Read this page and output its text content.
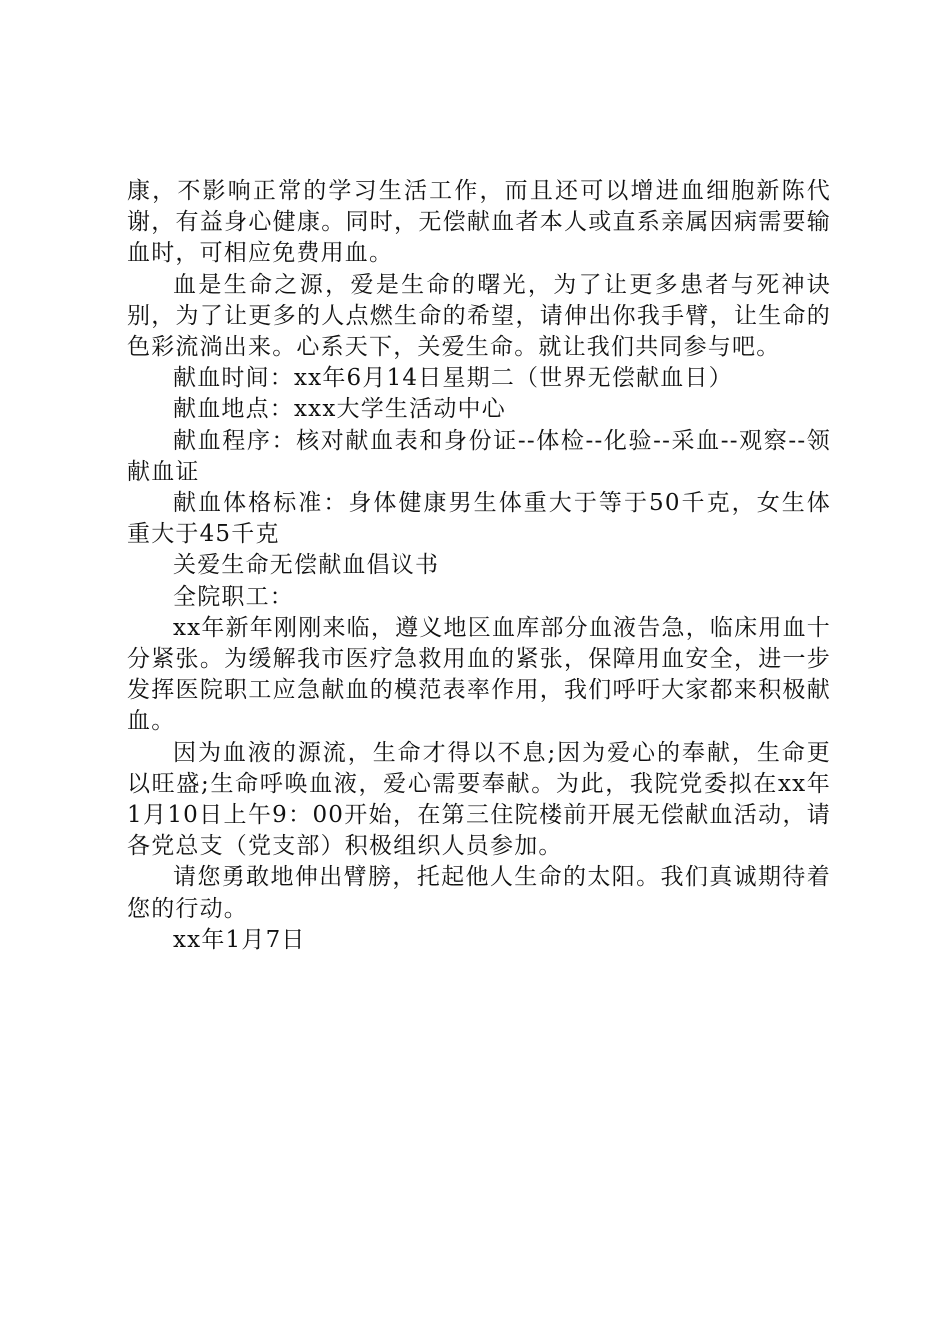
康，不影响正常的学习生活工作，而且还可以增进血细胞新陈代谢，有益身心健康。同时，无偿献血者本人或直系亲属因病需要输血时，可相应免费用血。

血是生命之源，爱是生命的曙光，为了让更多患者与死神诀别，为了让更多的人点燃生命的希望，请伸出你我手臂，让生命的色彩流淌出来。心系天下，关爱生命。就让我们共同参与吧。

献血时间：xx年6月14日星期二（世界无偿献血日）

献血地点：xxx大学生活动中心

献血程序：核对献血表和身份证--体检--化验--采血--观察--领献血证

献血体格标准：身体健康男生体重大于等于50千克，女生体重大于45千克

关爱生命无偿献血倡议书

全院职工：

xx年新年刚刚来临，遵义地区血库部分血液告急，临床用血十分紧张。为缓解我市医疗急救用血的紧张，保障用血安全，进一步发挥医院职工应急献血的模范表率作用，我们呼吁大家都来积极献血。

因为血液的源流，生命才得以不息;因为爱心的奉献，生命更以旺盛;生命呼唤血液，爱心需要奉献。为此，我院党委拟在xx年1月10日上午9：00开始，在第三住院楼前开展无偿献血活动，请各党总支（党支部）积极组织人员参加。

请您勇敢地伸出臂膀，托起他人生命的太阳。我们真诚期待着您的行动。

xx年1月7日
